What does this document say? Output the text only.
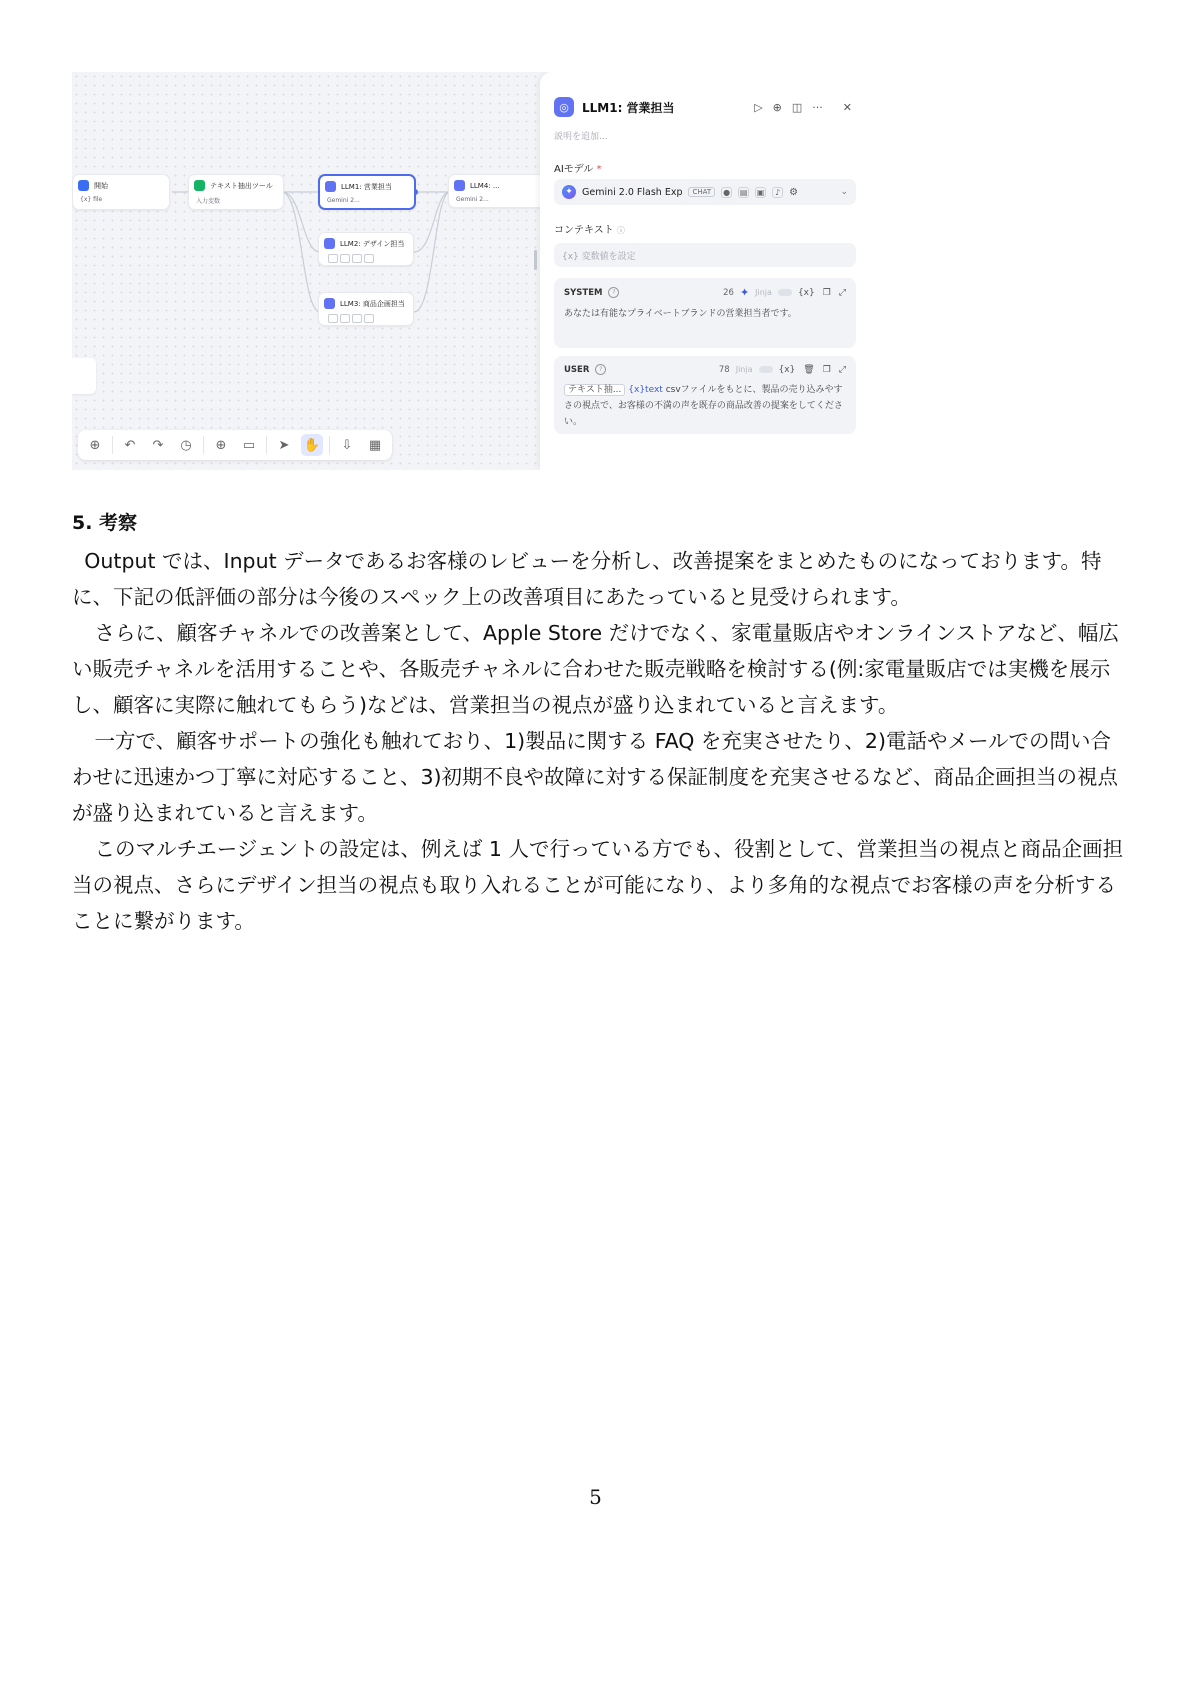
開始
{x} file
テキスト抽出ツール
入力変数
LLM1: 営業担当
Gemini 2...
LLM2: デザイン担当
LLM3: 商品企画担当
LLM4: ...
Gemini 2...
⊕	↶	↷	◷	⊕	▭	➤	✋	⇩	▦
◎	LLM1: 営業担当	▷ ⊕ ◫ ··· ✕
説明を追加...
AIモデル *
✦ Gemini 2.0 Flash Exp	CHAT	● ▤ ▣	♪ ⚙	⌄
コンテキスト ⓘ
{x} 変数値を設定
SYSTEM	?	26 ✦ Jinja	{x} ❐ ⤢
あなたは有能なプライベートブランドの営業担当者です。
USER	?	78 Jinja	{x} 🗑 ❐ ⤢
テキスト抽... {x}text csvファイルをもとに、製品の売り込みやすさの視点で、お客様の不満の声を既存の商品改善の提案をしてください。
5. 考察

Output では、Input データであるお客様のレビューを分析し、改善提案をまとめたものになっております。特に、下記の低評価の部分は今後のスペック上の改善項目にあたっていると見受けられます。

さらに、顧客チャネルでの改善案として、Apple Store だけでなく、家電量販店やオンラインストアなど、幅広い販売チャネルを活用することや、各販売チャネルに合わせた販売戦略を検討する(例:家電量販店では実機を展示し、顧客に実際に触れてもらう)などは、営業担当の視点が盛り込まれていると言えます。

一方で、顧客サポートの強化も触れており、1)製品に関する FAQ を充実させたり、2)電話やメールでの問い合わせに迅速かつ丁寧に対応すること、3)初期不良や故障に対する保証制度を充実させるなど、商品企画担当の視点が盛り込まれていると言えます。

このマルチエージェントの設定は、例えば 1 人で行っている方でも、役割として、営業担当の視点と商品企画担当の視点、さらにデザイン担当の視点も取り入れることが可能になり、より多角的な視点でお客様の声を分析することに繋がります。

5
